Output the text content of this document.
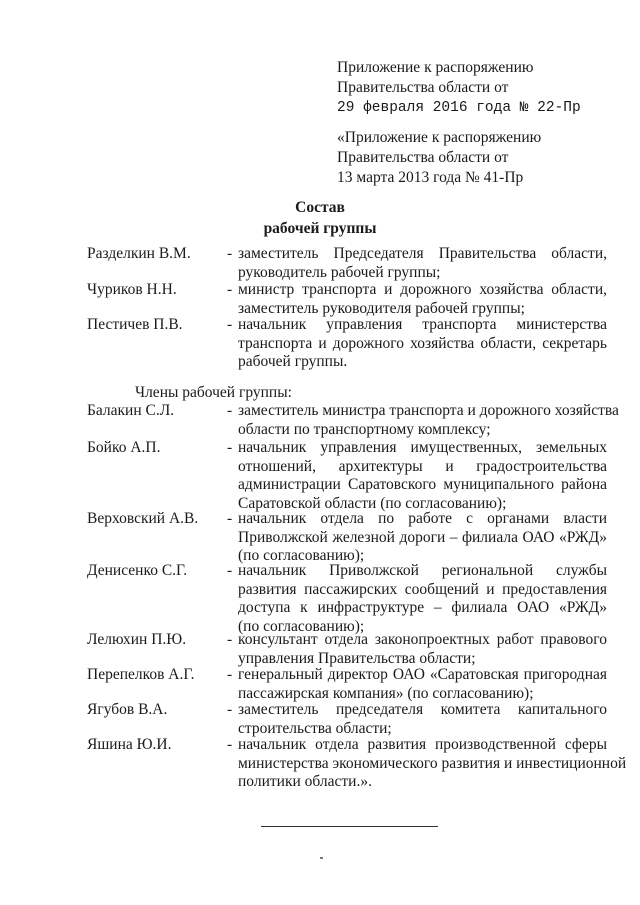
Приложение к распоряжению
Правительства области от
29 февраля 2016 года № 22-Пр
«Приложение к распоряжению
Правительства области от
13 марта 2013 года № 41-Пр
Состав
рабочей группы
Разделкин В.М. - заместитель Председателя Правительства области,
руководитель рабочей группы;
Чуриков Н.Н.	- министр транспорта и дорожного хозяйства области,
заместитель руководителя рабочей группы;
Пестичев П.В.	- начальник управления транспорта министерства
транспорта и дорожного хозяйства области, секретарь
рабочей группы.
Балакин С.Л.	- заместитель министра транспорта и дорожного хозяйства
области по транспортному комплексу;
Бойко А.П.	- начальник управления имущественных, земельных
отношений, архитектуры и градостроительства
администрации Саратовского муниципального района
Саратовской области (по согласованию);
Верховский А.В. - начальник отдела по работе с органами власти
Приволжской железной дороги – филиала ОАО «РЖД»
(по согласованию);
Денисенко С.Г.	- начальник Приволжской региональной службы
развития пассажирских сообщений и предоставления
доступа к инфраструктуре – филиала ОАО «РЖД»
(по согласованию);
Лелюхин П.Ю.	- консультант отдела законопроектных работ правового
управления Правительства области;
Перепелков А.Г. - генеральный директор ОАО «Саратовская пригородная
пассажирская компания» (по согласованию);
Ягубов В.А.	- заместитель председателя комитета капитального
строительства области;
Яшина Ю.И.	- начальник отдела развития производственной сферы
министерства экономического развития и инвестиционной
политики области.».
Члены рабочей группы:
